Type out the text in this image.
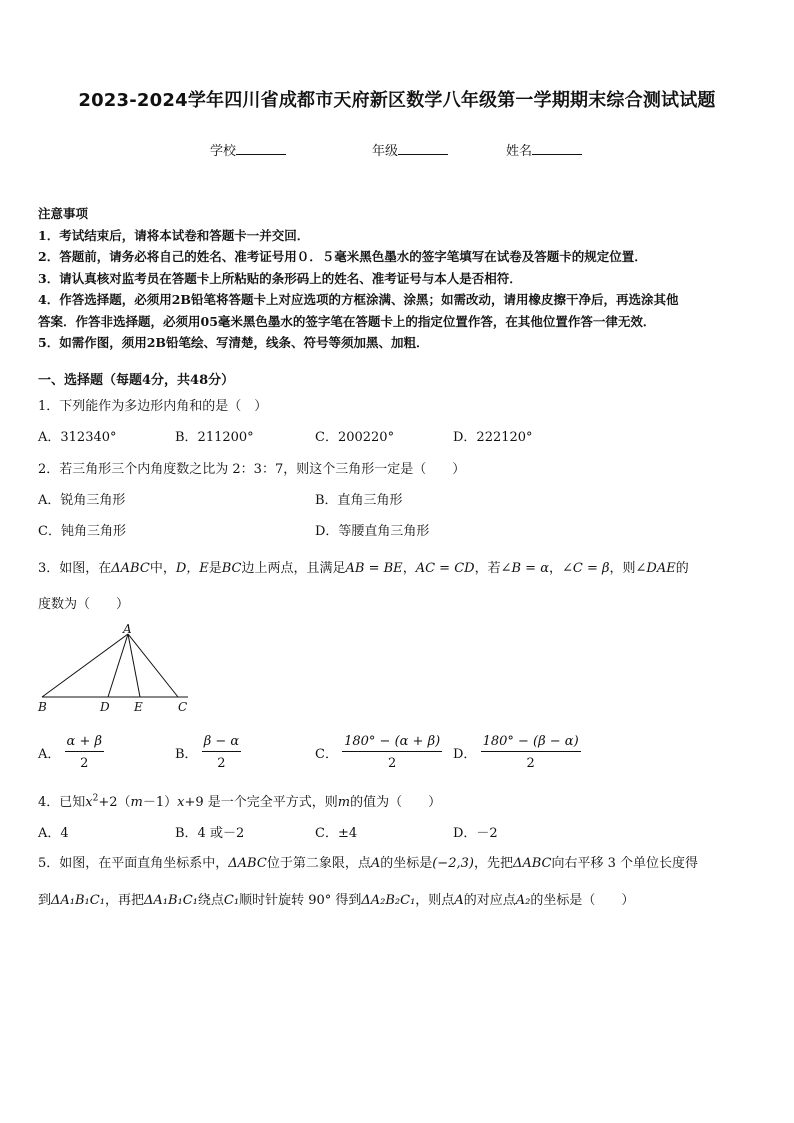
2023-2024学年四川省成都市天府新区数学八年级第一学期期末综合测试试题
学校	年级	姓名
注意事项
1．考试结束后，请将本试卷和答题卡一并交回．
2．答题前，请务必将自己的姓名、准考证号用０．５毫米黑色墨水的签字笔填写在试卷及答题卡的规定位置．
3．请认真核对监考员在答题卡上所粘贴的条形码上的姓名、准考证号与本人是否相符．
4．作答选择题，必须用2B铅笔将答题卡上对应选项的方框涂满、涂黑；如需改动，请用橡皮擦干净后，再选涂其他
答案．作答非选择题，必须用05毫米黑色墨水的签字笔在答题卡上的指定位置作答，在其他位置作答一律无效．
5．如需作图，须用2B铅笔绘、写清楚，线条、符号等须加黑、加粗．
一、选择题（每题4分，共48分）
1．下列能作为多边形内角和的是（　）
A．312340°	B．211200°	C．200220°	D．222120°
2．若三角形三个内角度数之比为 2：3：7，则这个三角形一定是（　　）
A．锐角三角形	B．直角三角形
C．钝角三角形	D．等腰直角三角形
3．如图，在ΔABC中，D，E是BC边上两点，且满足AB = BE，AC = CD，若∠B = α，∠C = β，则∠DAE的
度数为（　　）
A
B	D E	C
A． $\frac{\alpha + \beta}{2}$	B． $\frac{\beta - \alpha}{2}$	C． $\frac{180^\circ - (\alpha + \beta)}{2}$ D． $\frac{180^\circ - (\beta - \alpha)}{2}$
4．已知$x^2+2(m-1)x+9$ 是一个完全平方式，则m的值为（　　）
A．4	B．4 或－2	C．±4	D．－2
5．如图，在平面直角坐标系中，ΔABC位于第二象限，点A的坐标是(−2,3)，先把ΔABC向右平移 3 个单位长度得
到ΔA₁B₁C₁，再把ΔA₁B₁C₁绕点C₁顺时针旋转 90° 得到ΔA₂B₂C₁，则点A的对应点A₂的坐标是（　　）
